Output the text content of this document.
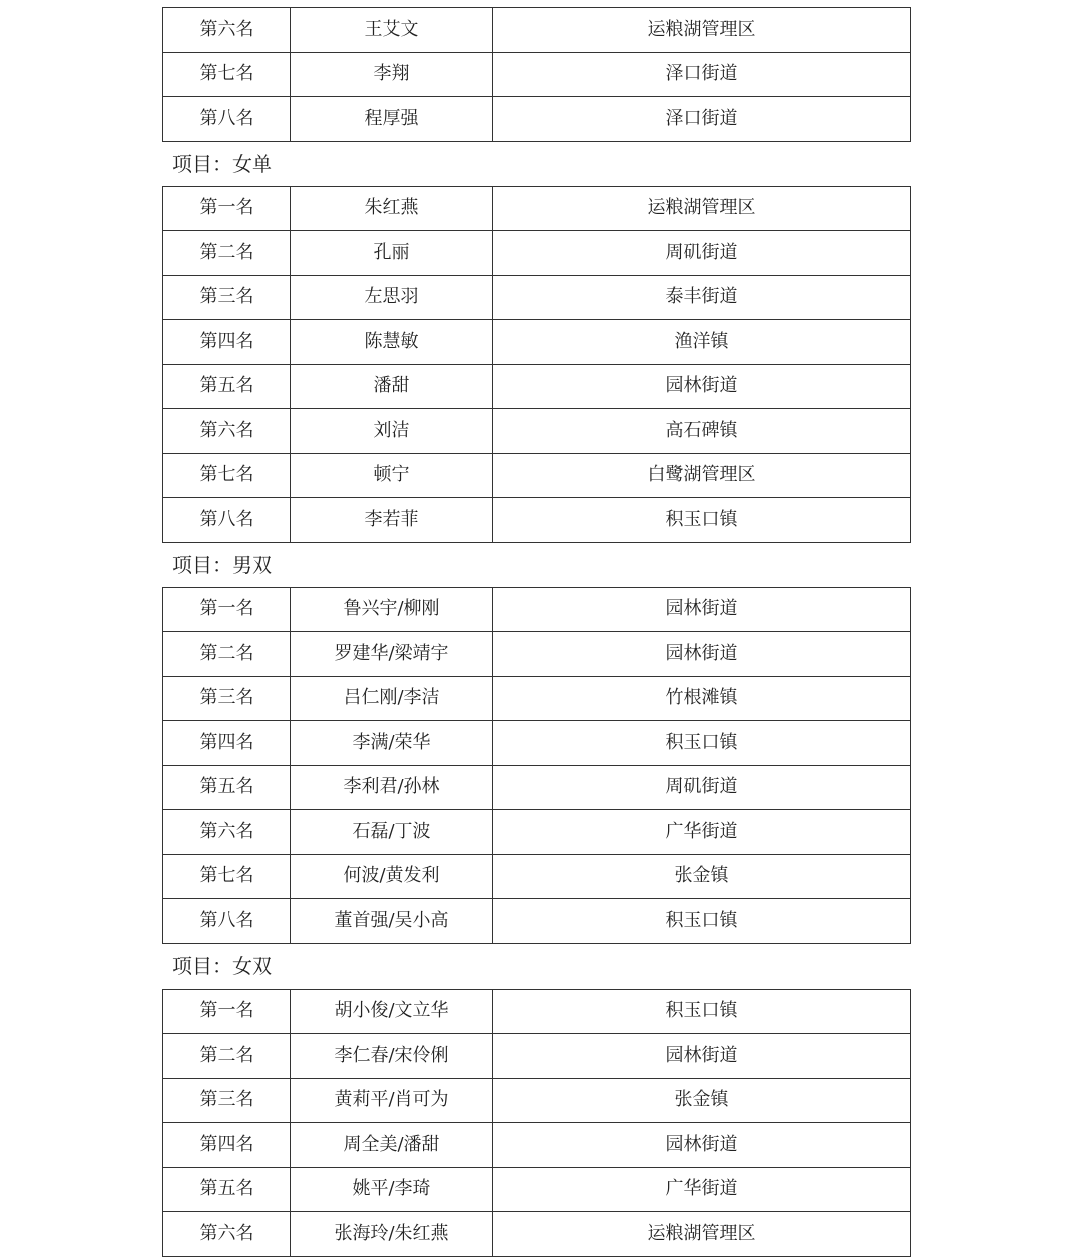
第六名	王艾文	运粮湖管理区
第七名	李翔	泽口街道
第八名	程厚强	泽口街道
项目：女单
第一名	朱红燕	运粮湖管理区
第二名	孔丽	周矶街道
第三名	左思羽	泰丰街道
第四名	陈慧敏	渔洋镇
第五名	潘甜	园林街道
第六名	刘洁	高石碑镇
第七名	顿宁	白鹭湖管理区
第八名	李若菲	积玉口镇
项目：男双
第一名	鲁兴宇/柳刚	园林街道
第二名	罗建华/梁靖宇	园林街道
第三名	吕仁刚/李洁	竹根滩镇
第四名	李满/荣华	积玉口镇
第五名	李利君/孙林	周矶街道
第六名	石磊/丁波	广华街道
第七名	何波/黄发利	张金镇
第八名	董首强/吴小高	积玉口镇
项目：女双
第一名	胡小俊/文立华	积玉口镇
第二名	李仁春/宋伶俐	园林街道
第三名	黄莉平/肖可为	张金镇
第四名	周全美/潘甜	园林街道
第五名	姚平/李琦	广华街道
第六名	张海玲/朱红燕	运粮湖管理区
